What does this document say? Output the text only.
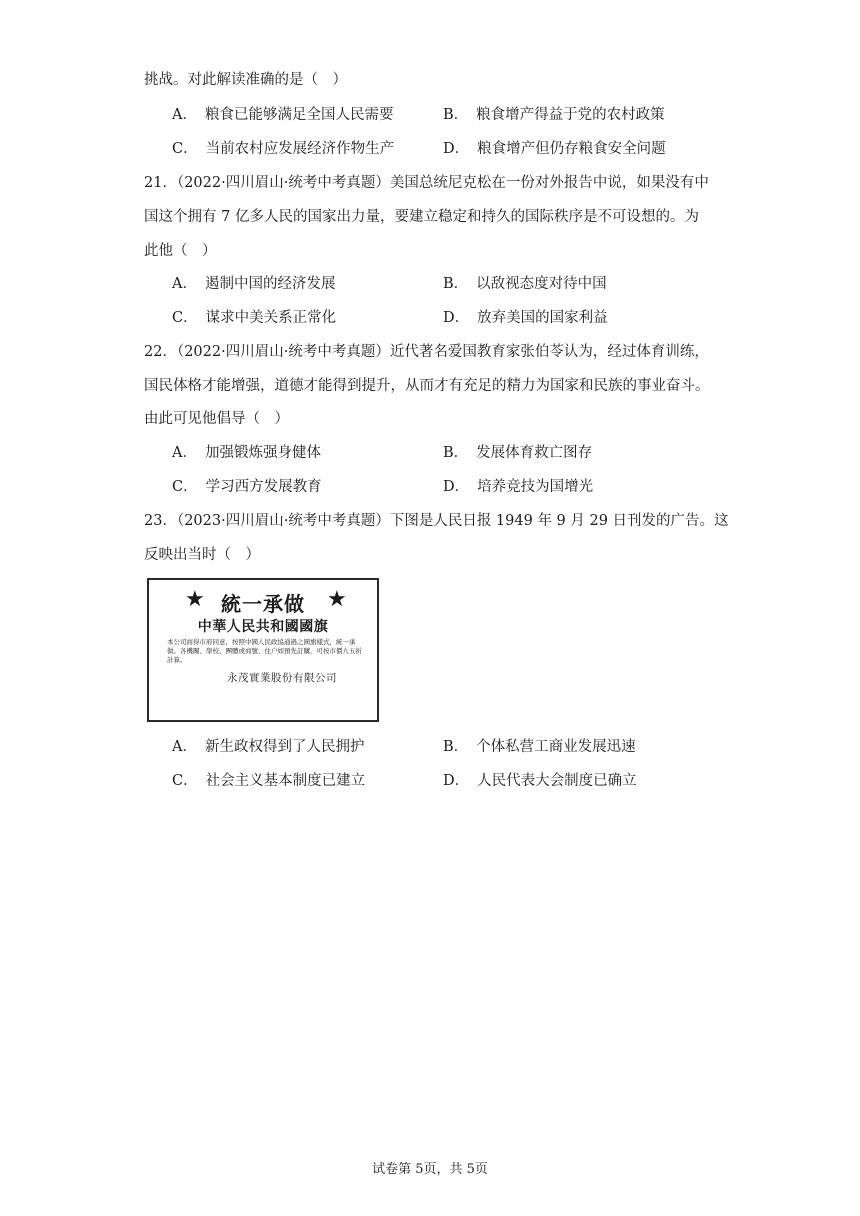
挑战。对此解读准确的是（　）
A． 粮食已能够满足全国人民需要	B． 粮食增产得益于党的农村政策
C． 当前农村应发展经济作物生产	D． 粮食增产但仍存粮食安全问题
21．（2022·四川眉山·统考中考真题）美国总统尼克松在一份对外报告中说，如果没有中
国这个拥有 7 亿多人民的国家出力量，要建立稳定和持久的国际秩序是不可设想的。为
此他（　）
A． 遏制中国的经济发展	B． 以敌视态度对待中国
C． 谋求中美关系正常化	D． 放弃美国的国家利益
22．（2022·四川眉山·统考中考真题）近代著名爱国教育家张伯苓认为，经过体育训练，
国民体格才能增强，道德才能得到提升，从而才有充足的精力为国家和民族的事业奋斗。
由此可见他倡导（　）
A． 加强锻炼强身健体	B． 发展体育救亡图存
C． 学习西方发展教育	D． 培养竞技为国增光
23．（2023·四川眉山·统考中考真题）下图是人民日报 1949 年 9 月 29 日刊发的广告。这
反映出当时（　）
★ 統一承做	★
中華人民共和國國旗
本公司商得市府同意，按照中國人民政協通過之國旗樣式，統一承做。各機關、學校、團體或商號、住户如預先訂購，可按市價九五折計算。
永茂實業股份有限公司
A． 新生政权得到了人民拥护	B． 个体私营工商业发展迅速
C． 社会主义基本制度已建立	D． 人民代表大会制度已确立
试卷第 5页，共 5页
